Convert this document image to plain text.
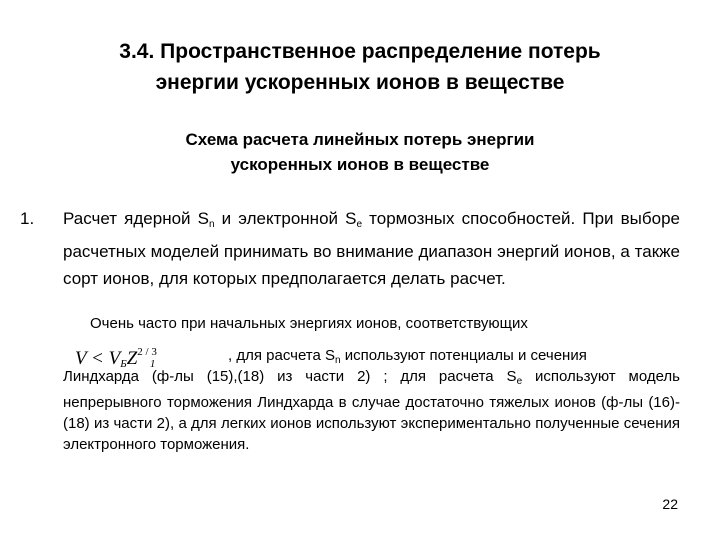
3.4. Пространственное распределение потерь
энергии ускоренных ионов в веществе
Схема расчета линейных потерь энергии
ускоренных ионов в веществе
1. Расчет ядерной $S_n$ и электронной $S_e$ тормозных способностей. При выборе расчетных моделей принимать во внимание диапазон энергий ионов, а также сорт ионов, для которых предполагается делать расчет.
Очень часто при начальных энергиях ионов, соответствующих
$V < V_БZ^{2 / 3}_1$	, для расчета $S_n$ используют потенциалы и сечения
Линдхарда (ф-лы (15),(18) из части 2) ; для расчета $S_e$ используют модель непрерывного торможения Линдхарда в случае достаточно тяжелых ионов (ф-лы (16)-(18) из части 2), а для легких ионов используют экспериментально полученные сечения электронного торможения.
22
